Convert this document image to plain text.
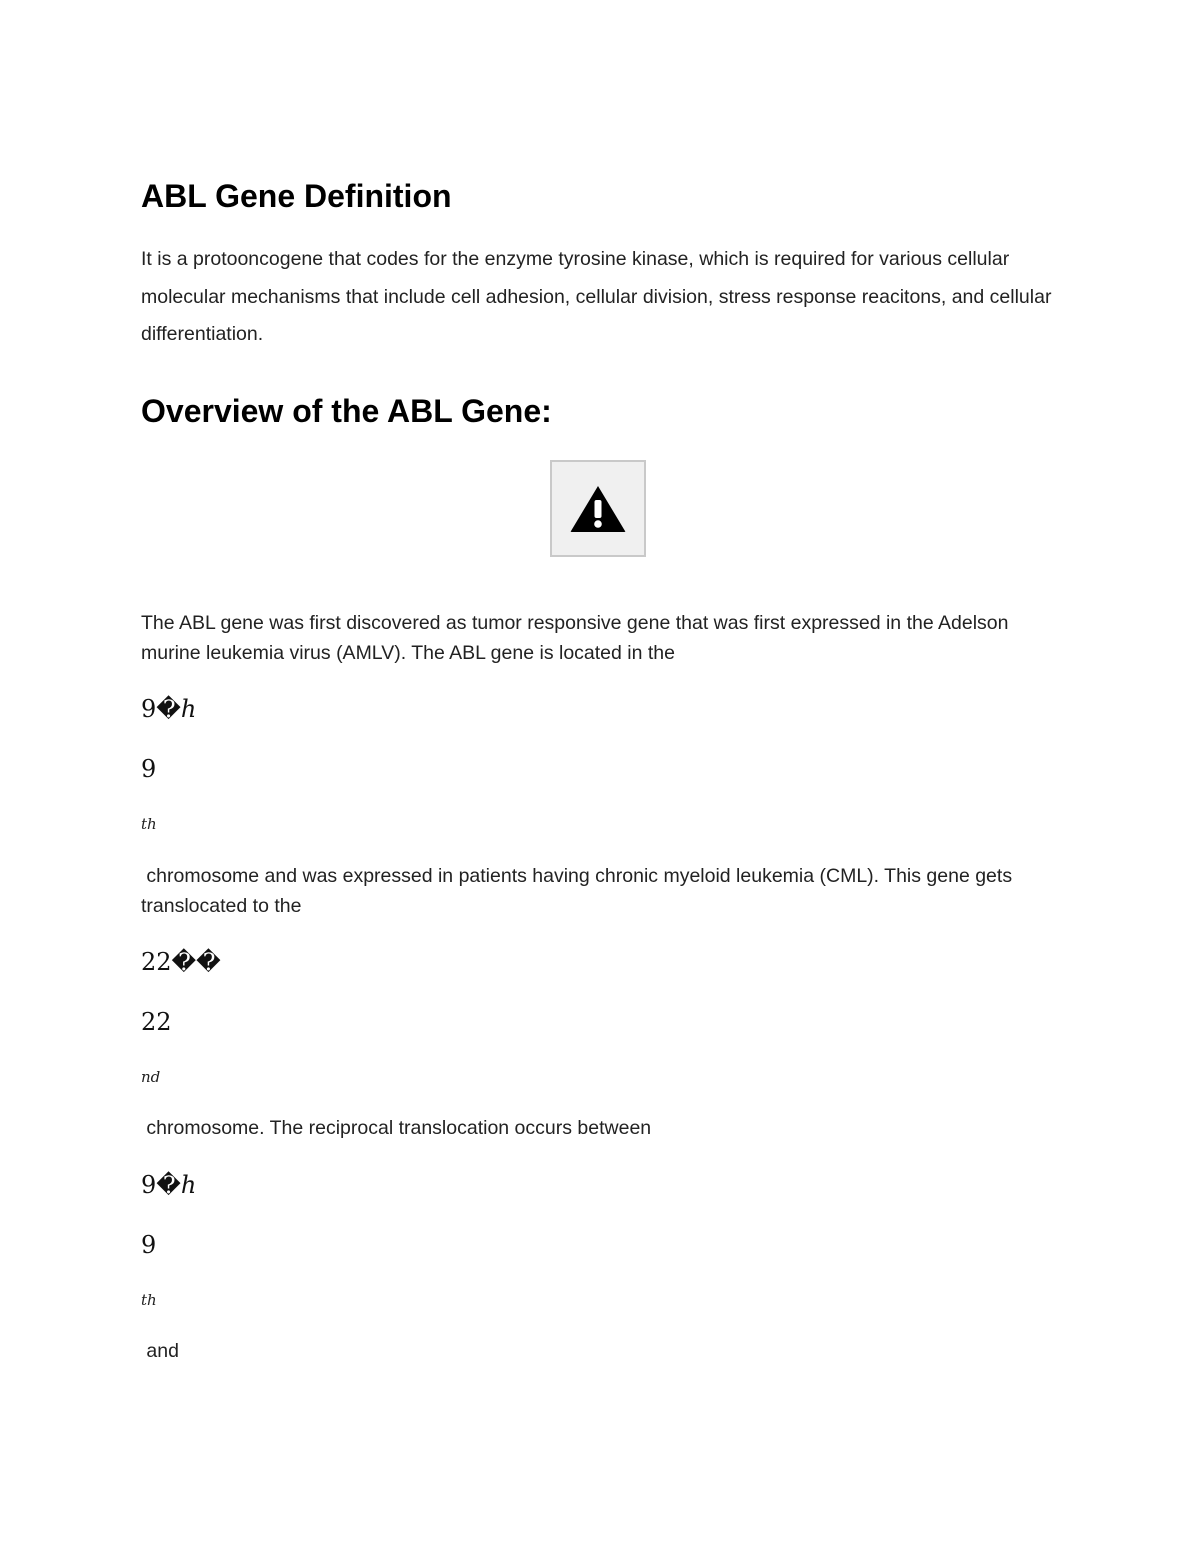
ABL Gene Definition

It is a protooncogene that codes for the enzyme tyrosine kinase, which is required for various cellular molecular mechanisms that include cell adhesion, cellular division, stress response reacitons, and cellular differentiation.

Overview of the ABL Gene:

The ABL gene was first discovered as tumor responsive gene that was first expressed in the Adelson murine leukemia virus (AMLV). The ABL gene is located in the

9�h
9
th

chromosome and was expressed in patients having chronic myeloid leukemia (CML). This gene gets translocated to the

22��
22
nd

chromosome. The reciprocal translocation occurs between

9�h
9
th

and
